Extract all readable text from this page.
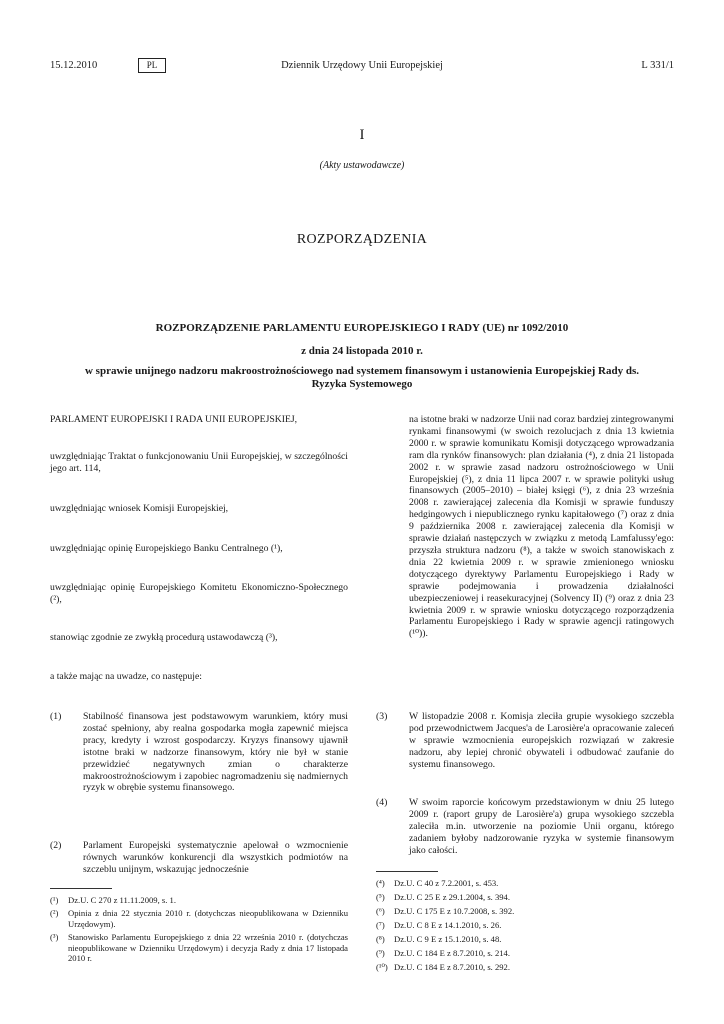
15.12.2010	Dziennik Urzędowy Unii Europejskiej
PL	L 331/1
I
(Akty ustawodawcze)
ROZPORZĄDZENIA
ROZPORZĄDZENIE PARLAMENTU EUROPEJSKIEGO I RADY (UE) nr 1092/2010
z dnia 24 listopada 2010 r.
w sprawie unijnego nadzoru makroostrożnościowego nad systemem finansowym i ustanowienia Europejskiej Rady ds. Ryzyka Systemowego

PARLAMENT EUROPEJSKI I RADA UNII EUROPEJSKIEJ,

uwzględniając Traktat o funkcjonowaniu Unii Europejskiej, w szczególności jego art. 114,

uwzględniając wniosek Komisji Europejskiej,

uwzględniając opinię Europejskiego Banku Centralnego (¹),

uwzględniając opinię Europejskiego Komitetu Ekonomiczno-Społecznego (²),

stanowiąc zgodnie ze zwykłą procedurą ustawodawczą (³),

a także mając na uwadze, co następuje:

(1) Stabilność finansowa jest podstawowym warunkiem, który musi zostać spełniony, aby realna gospodarka mogła zapewnić miejsca pracy, kredyty i wzrost gospodarczy. Kryzys finansowy ujawnił istotne braki w nadzorze finansowym, który nie był w stanie przewidzieć negatywnych zmian o charakterze makroostrożnościowym i zapobiec nagromadzeniu się nadmiernych ryzyk w obrębie systemu finansowego.

(2) Parlament Europejski systematycznie apelował o wzmocnienie równych warunków konkurencji dla wszystkich podmiotów na szczeblu unijnym, wskazując jednocześnie

(¹) Dz.U. C 270 z 11.11.2009, s. 1.
(²) Opinia z dnia 22 stycznia 2010 r. (dotychczas nieopublikowana w Dzienniku Urzędowym).
(³) Stanowisko Parlamentu Europejskiego z dnia 22 września 2010 r. (dotychczas nieopublikowane w Dzienniku Urzędowym) i decyzja Rady z dnia 17 listopada 2010 r.

na istotne braki w nadzorze Unii nad coraz bardziej zintegrowanymi rynkami finansowymi (w swoich rezolucjach z dnia 13 kwietnia 2000 r. w sprawie komunikatu Komisji dotyczącego wprowadzania ram dla rynków finansowych: plan działania (⁴), z dnia 21 listopada 2002 r. w sprawie zasad nadzoru ostrożnościowego w Unii Europejskiej (⁵), z dnia 11 lipca 2007 r. w sprawie polityki usług finansowych (2005–2010) – białej księgi (⁶), z dnia 23 września 2008 r. zawierającej zalecenia dla Komisji w sprawie funduszy hedgingowych i niepublicznego rynku kapitałowego (⁷) oraz z dnia 9 października 2008 r. zawierającej zalecenia dla Komisji w sprawie działań następczych w związku z metodą Lamfalussy'ego: przyszła struktura nadzoru (⁸), a także w swoich stanowiskach z dnia 22 kwietnia 2009 r. w sprawie zmienionego wniosku dotyczącego dyrektywy Parlamentu Europejskiego i Rady w sprawie podejmowania i prowadzenia działalności ubezpieczeniowej i reasekuracyjnej (Solvency II) (⁹) oraz z dnia 23 kwietnia 2009 r. w sprawie wniosku dotyczącego rozporządzenia Parlamentu Europejskiego i Rady w sprawie agencji ratingowych (¹⁰)).

(3) W listopadzie 2008 r. Komisja zleciła grupie wysokiego szczebla pod przewodnictwem Jacques'a de Larosière'a opracowanie zaleceń w sprawie wzmocnienia europejskich rozwiązań w zakresie nadzoru, aby lepiej chronić obywateli i odbudować zaufanie do systemu finansowego.

(4) W swoim raporcie końcowym przedstawionym w dniu 25 lutego 2009 r. (raport grupy de Larosière'a) grupa wysokiego szczebla zaleciła m.in. utworzenie na poziomie Unii organu, którego zadaniem byłoby nadzorowanie ryzyka w systemie finansowym jako całości.

(⁴) Dz.U. C 40 z 7.2.2001, s. 453.
(⁵) Dz.U. C 25 E z 29.1.2004, s. 394.
(⁶) Dz.U. C 175 E z 10.7.2008, s. 392.
(⁷) Dz.U. C 8 E z 14.1.2010, s. 26.
(⁸) Dz.U. C 9 E z 15.1.2010, s. 48.
(⁹) Dz.U. C 184 E z 8.7.2010, s. 214.
(¹⁰) Dz.U. C 184 E z 8.7.2010, s. 292.
